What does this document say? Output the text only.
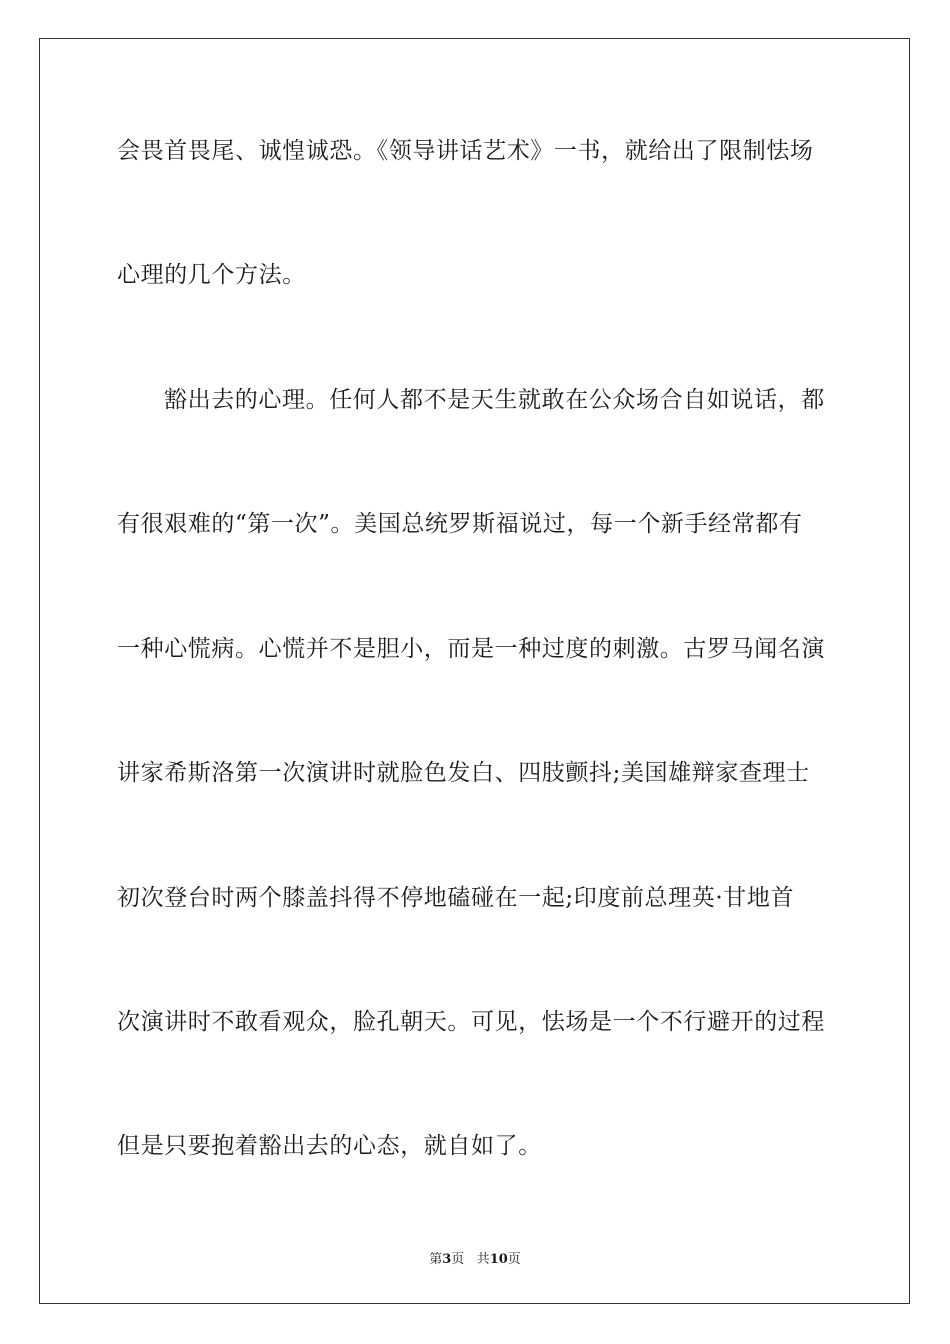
会畏首畏尾、诚惶诚恐。《领导讲话艺术》一书，就给出了限制怯场
心理的几个方法。
豁出去的心理。任何人都不是天生就敢在公众场合自如说话，都
有很艰难的“第一次”。美国总统罗斯福说过，每一个新手经常都有
一种心慌病。心慌并不是胆小，而是一种过度的刺激。古罗马闻名演
讲家希斯洛第一次演讲时就脸色发白、四肢颤抖;美国雄辩家查理士
初次登台时两个膝盖抖得不停地磕碰在一起;印度前总理英·甘地首
次演讲时不敢看观众，脸孔朝天。可见，怯场是一个不行避开的过程
但是只要抱着豁出去的心态，就自如了。
第3页 共10页
